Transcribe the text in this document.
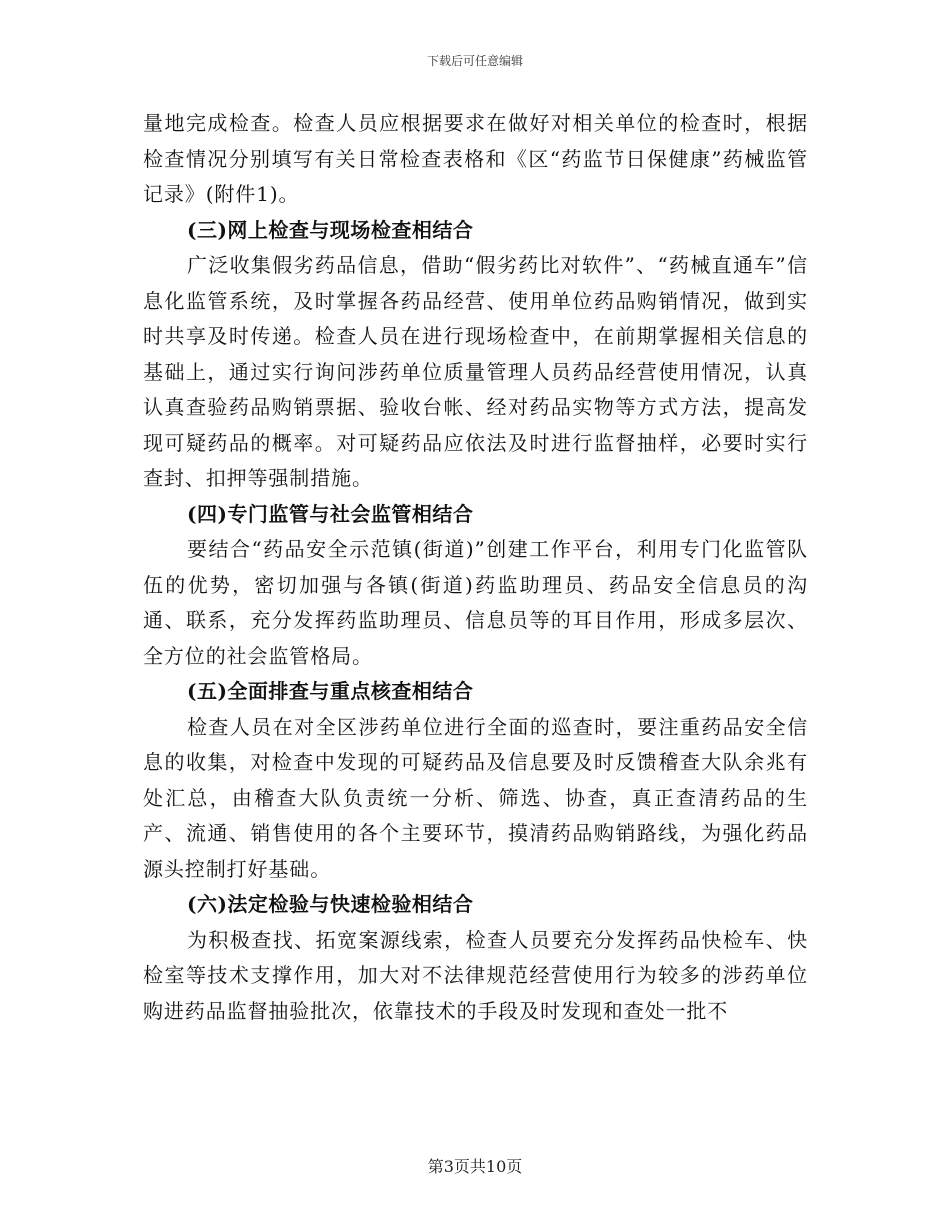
下载后可任意编辑

量地完成检查。检查人员应根据要求在做好对相关单位的检查时，根据检查情况分别填写有关日常检查表格和《区“药监节日保健康”药械监管记录》(附件1)。

(三)网上检查与现场检查相结合

广泛收集假劣药品信息，借助“假劣药比对软件”、“药械直通车”信息化监管系统，及时掌握各药品经营、使用单位药品购销情况，做到实时共享及时传递。检查人员在进行现场检查中，在前期掌握相关信息的基础上，通过实行询问涉药单位质量管理人员药品经营使用情况，认真认真查验药品购销票据、验收台帐、经对药品实物等方式方法，提高发现可疑药品的概率。对可疑药品应依法及时进行监督抽样，必要时实行查封、扣押等强制措施。

(四)专门监管与社会监管相结合

要结合“药品安全示范镇(街道)”创建工作平台，利用专门化监管队伍的优势，密切加强与各镇(街道)药监助理员、药品安全信息员的沟通、联系，充分发挥药监助理员、信息员等的耳目作用，形成多层次、全方位的社会监管格局。

(五)全面排查与重点核查相结合

检查人员在对全区涉药单位进行全面的巡查时，要注重药品安全信息的收集，对检查中发现的可疑药品及信息要及时反馈稽查大队余兆有处汇总，由稽查大队负责统一分析、筛选、协查，真正查清药品的生产、流通、销售使用的各个主要环节，摸清药品购销路线，为强化药品源头控制打好基础。

(六)法定检验与快速检验相结合

为积极查找、拓宽案源线索，检查人员要充分发挥药品快检车、快检室等技术支撑作用，加大对不法律规范经营使用行为较多的涉药单位购进药品监督抽验批次，依靠技术的手段及时发现和查处一批不

第3页共10页
